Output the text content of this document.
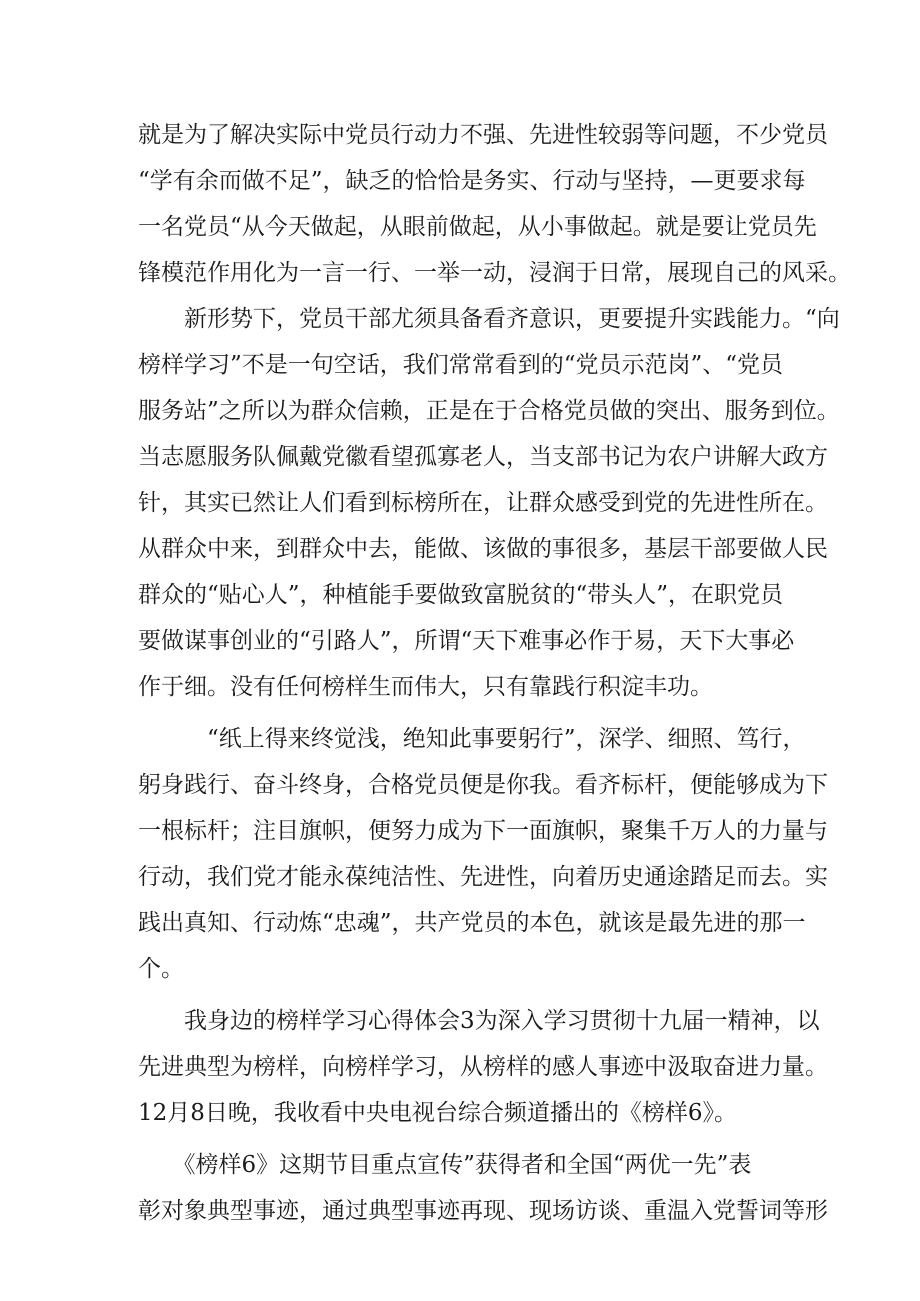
就是为了解决实际中党员行动力不强、先进性较弱等问题，不少党员
“学有余而做不足”，缺乏的恰恰是务实、行动与坚持，—更要求每
一名党员“从今天做起，从眼前做起，从小事做起。就是要让党员先
锋模范作用化为一言一行、一举一动，浸润于日常，展现自己的风采。
　　新形势下，党员干部尤须具备看齐意识，更要提升实践能力。“向
榜样学习”不是一句空话，我们常常看到的“党员示范岗”、“党员
服务站”之所以为群众信赖，正是在于合格党员做的突出、服务到位。
当志愿服务队佩戴党徽看望孤寡老人，当支部书记为农户讲解大政方
针，其实已然让人们看到标榜所在，让群众感受到党的先进性所在。
从群众中来，到群众中去，能做、该做的事很多，基层干部要做人民
群众的“贴心人”，种植能手要做致富脱贫的“带头人”，在职党员
要做谋事创业的“引路人”，所谓“天下难事必作于易，天下大事必
作于细。没有任何榜样生而伟大，只有靠践行积淀丰功。
　　　“纸上得来终觉浅，绝知此事要躬行”，深学、细照、笃行，
躬身践行、奋斗终身，合格党员便是你我。看齐标杆，便能够成为下
一根标杆；注目旗帜，便努力成为下一面旗帜，聚集千万人的力量与
行动，我们党才能永葆纯洁性、先进性，向着历史通途踏足而去。实
践出真知、行动炼“忠魂”，共产党员的本色，就该是最先进的那一
个。
　　我身边的榜样学习心得体会3为深入学习贯彻十九届一精神，以
先进典型为榜样，向榜样学习，从榜样的感人事迹中汲取奋进力量。
12月8日晚，我收看中央电视台综合频道播出的《榜样6》。
　　《榜样6》这期节目重点宣传”获得者和全国“两优一先”表
彰对象典型事迹，通过典型事迹再现、现场访谈、重温入党誓词等形
